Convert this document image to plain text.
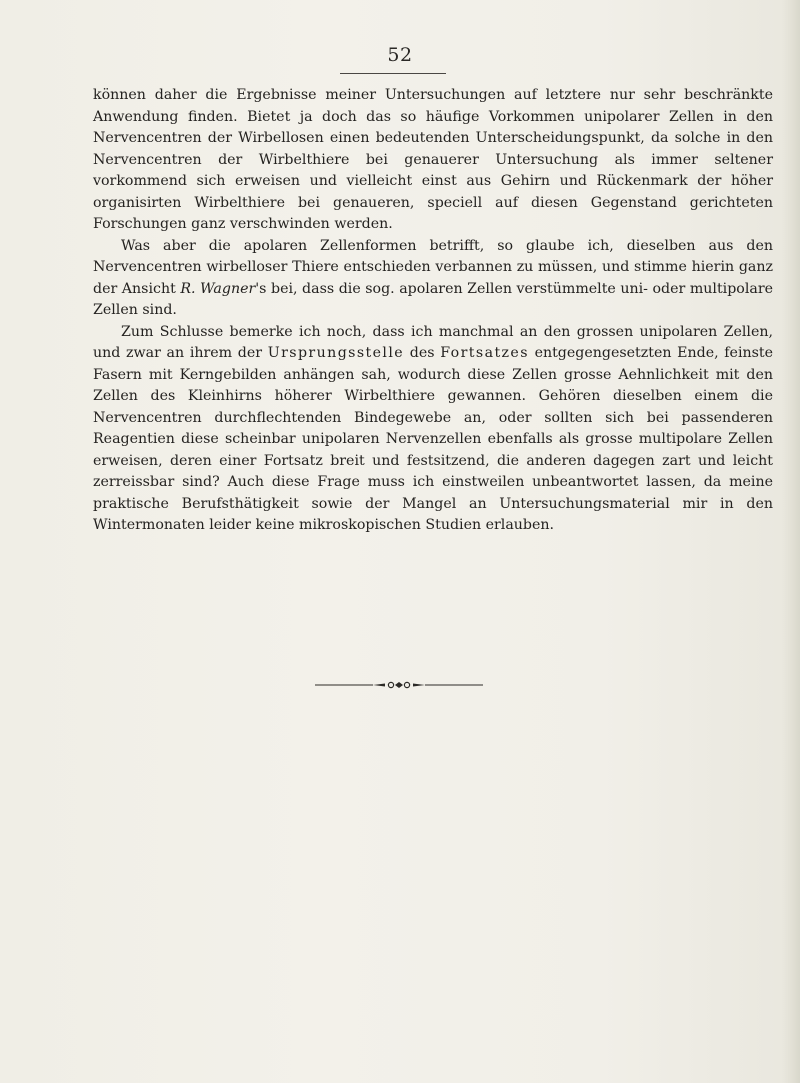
52

können daher die Ergebnisse meiner Untersuchungen auf letztere nur sehr beschränkte Anwendung finden. Bietet ja doch das so häufige Vorkommen unipolarer Zellen in den Nervencentren der Wirbellosen einen bedeutenden Unterscheidungspunkt, da solche in den Nervencentren der Wirbelthiere bei genauerer Untersuchung als immer seltener vorkommend sich erweisen und vielleicht einst aus Gehirn und Rückenmark der höher organisirten Wirbelthiere bei genaueren, speciell auf diesen Gegenstand gerichteten Forschungen ganz verschwinden werden.

Was aber die apolaren Zellenformen betrifft, so glaube ich, dieselben aus den Nervencentren wirbelloser Thiere entschieden verbannen zu müssen, und stimme hierin ganz der Ansicht R. Wagner's bei, dass die sog. apolaren Zellen verstümmelte uni- oder multipolare Zellen sind.

Zum Schlusse bemerke ich noch, dass ich manchmal an den grossen unipolaren Zellen, und zwar an ihrem der Ursprungsstelle des Fortsatzes entgegengesetzten Ende, feinste Fasern mit Kerngebilden anhängen sah, wodurch diese Zellen grosse Aehnlichkeit mit den Zellen des Kleinhirns höherer Wirbelthiere gewannen. Gehören dieselben einem die Nervencentren durchflechtenden Bindegewebe an, oder sollten sich bei passenderen Reagentien diese scheinbar unipolaren Nervenzellen ebenfalls als grosse multipolare Zellen erweisen, deren einer Fortsatz breit und festsitzend, die anderen dagegen zart und leicht zerreissbar sind? Auch diese Frage muss ich einstweilen unbeantwortet lassen, da meine praktische Berufsthätigkeit sowie der Mangel an Untersuchungsmaterial mir in den Wintermonaten leider keine mikroskopischen Studien erlauben.
